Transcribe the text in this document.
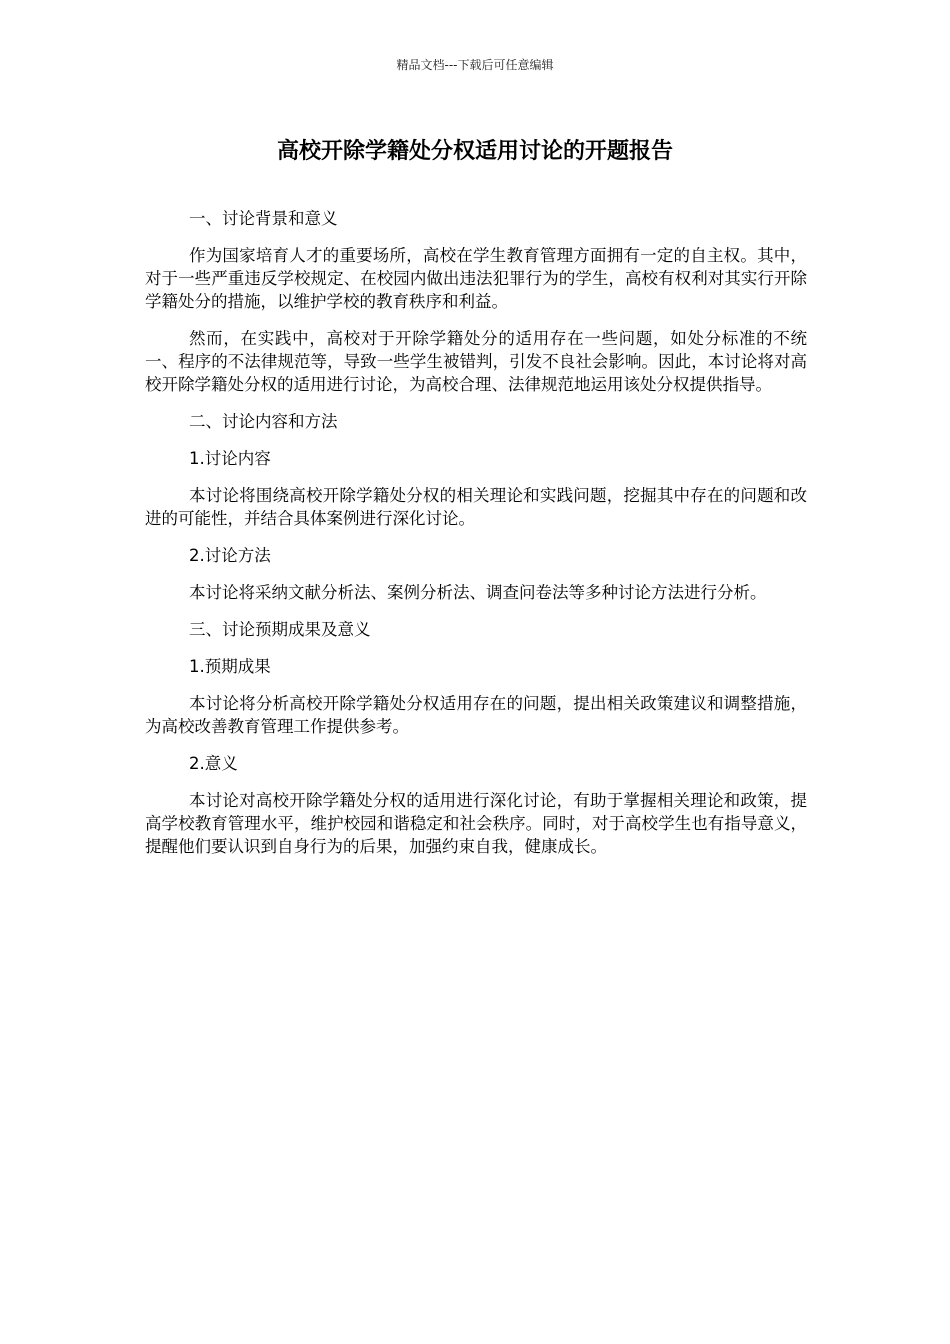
精品文档---下载后可任意编辑
高校开除学籍处分权适用讨论的开题报告

一、讨论背景和意义

作为国家培育人才的重要场所，高校在学生教育管理方面拥有一定的自主权。其中，对于一些严重违反学校规定、在校园内做出违法犯罪行为的学生，高校有权利对其实行开除学籍处分的措施，以维护学校的教育秩序和利益。

然而，在实践中，高校对于开除学籍处分的适用存在一些问题，如处分标准的不统一、程序的不法律规范等，导致一些学生被错判，引发不良社会影响。因此，本讨论将对高校开除学籍处分权的适用进行讨论，为高校合理、法律规范地运用该处分权提供指导。

二、讨论内容和方法

1.讨论内容

本讨论将围绕高校开除学籍处分权的相关理论和实践问题，挖掘其中存在的问题和改进的可能性，并结合具体案例进行深化讨论。

2.讨论方法

本讨论将采纳文献分析法、案例分析法、调查问卷法等多种讨论方法进行分析。

三、讨论预期成果及意义

1.预期成果

本讨论将分析高校开除学籍处分权适用存在的问题，提出相关政策建议和调整措施，为高校改善教育管理工作提供参考。

2.意义

本讨论对高校开除学籍处分权的适用进行深化讨论，有助于掌握相关理论和政策，提高学校教育管理水平，维护校园和谐稳定和社会秩序。同时，对于高校学生也有指导意义，提醒他们要认识到自身行为的后果，加强约束自我，健康成长。
